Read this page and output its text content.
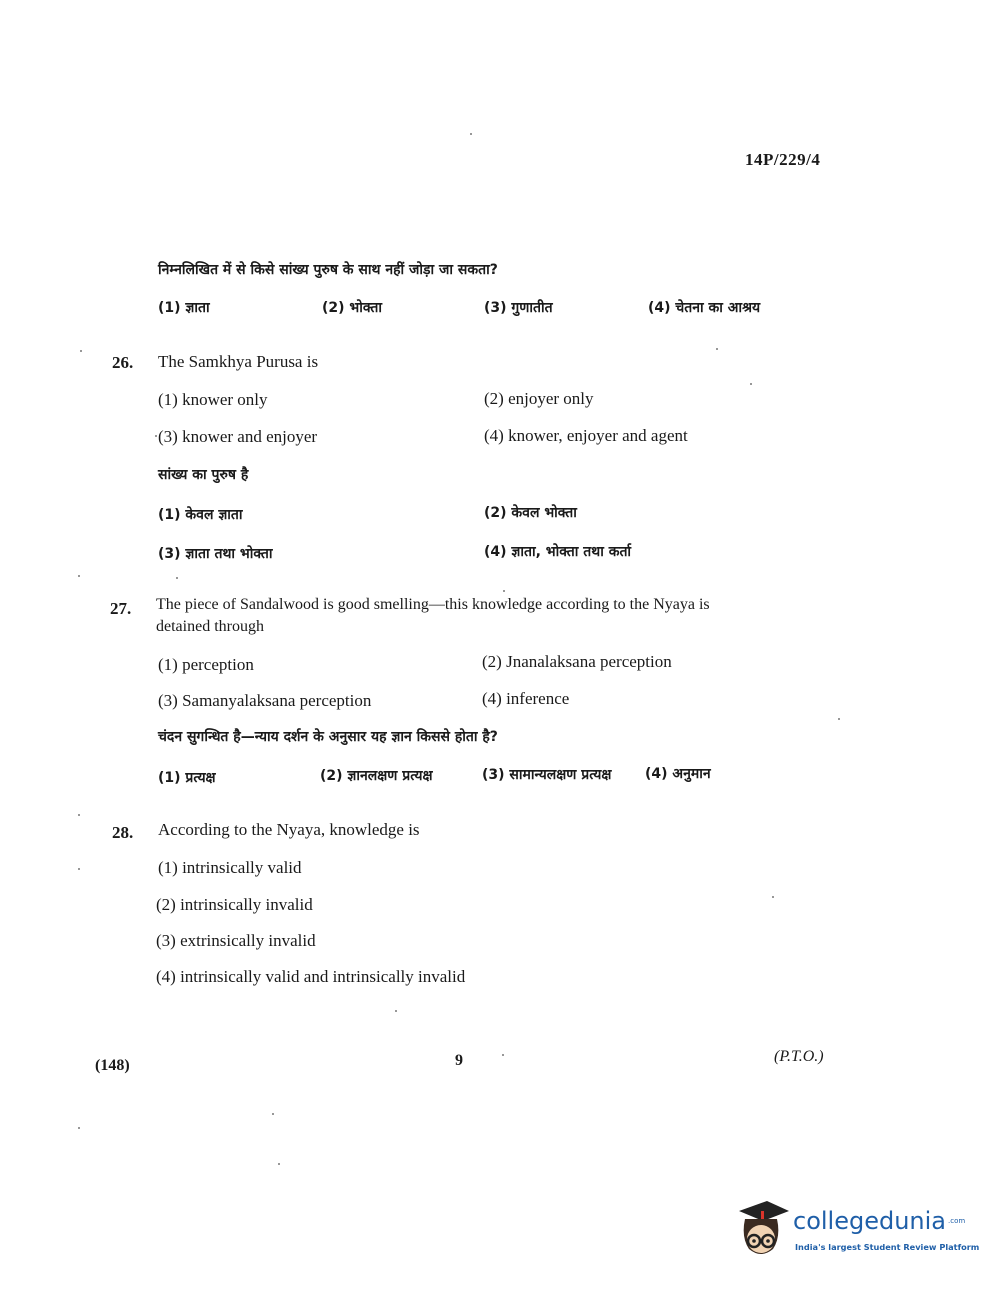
14P/229/4
निम्नलिखित में से किसे सांख्य पुरुष के साथ नहीं जोड़ा जा सकता?
(1) ज्ञाता	(2) भोक्ता	(3) गुणातीत	(4) चेतना का आश्रय
26. The Samkhya Purusa is
(1) knower only	(2) enjoyer only
(3) knower and enjoyer	(4) knower, enjoyer and agent
सांख्य का पुरुष है
(1) केवल ज्ञाता	(2) केवल भोक्ता
(3) ज्ञाता तथा भोक्ता	(4) ज्ञाता, भोक्ता तथा कर्ता
27. The piece of Sandalwood is good smelling—this knowledge according to the Nyaya is
detained through
(1) perception	(2) Jnanalaksana perception
(3) Samanyalaksana perception	(4) inference
चंदन सुगन्धित है—न्याय दर्शन के अनुसार यह ज्ञान किससे होता है?
(1) प्रत्यक्ष	(2) ज्ञानलक्षण प्रत्यक्ष	(3) सामान्यलक्षण प्रत्यक्ष (4) अनुमान
28. According to the Nyaya, knowledge is
(1) intrinsically valid
(2) intrinsically invalid
(3) extrinsically invalid
(4) intrinsically valid and intrinsically invalid
(148)	9	(P.T.O.)
collegedunia .com
India's largest Student Review Platform
